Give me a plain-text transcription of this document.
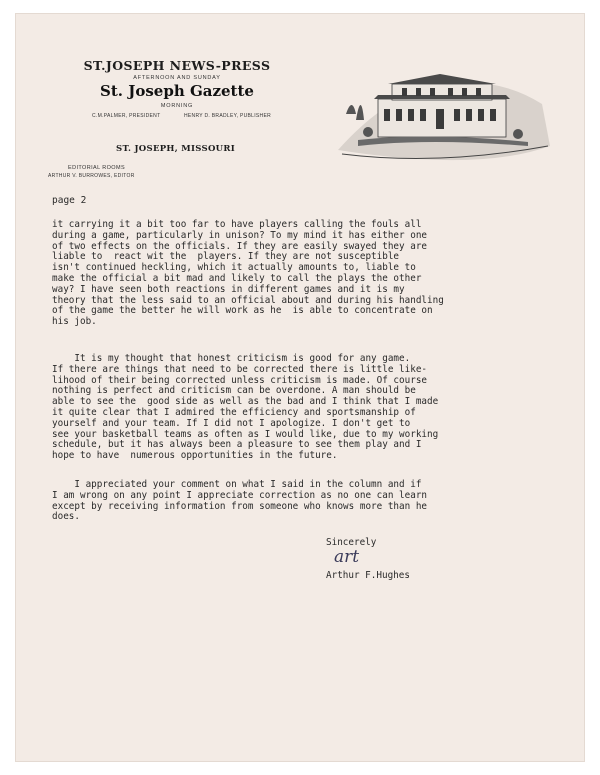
ST.JOSEPH NEWS-PRESS
AFTERNOON AND SUNDAY
St. Joseph Gazette
MORNING
C.M.PALMER, PRESIDENT	HENRY D. BRADLEY, PUBLISHER
ST. JOSEPH, MISSOURI
EDITORIAL ROOMS
ARTHUR V. BURROWES, EDITOR
page 2
it carrying it a bit too far to have players calling the fouls all
during a game, particularly in unison? To my mind it has either one
of two effects on the officials. If they are easily swayed they are
liable to  react wit the  players. If they are not susceptible
isn't continued heckling, which it actually amounts to, liable to
make the official a bit mad and likely to call the plays the other
way? I have seen both reactions in different games and it is my
theory that the less said to an official about and during his handling
of the game the better he will work as he  is able to concentrate on
his job.
It is my thought that honest criticism is good for any game.
If there are things that need to be corrected there is little like-
lihood of their being corrected unless criticism is made. Of course
nothing is perfect and criticism can be overdone. A man should be
able to see the  good side as well as the bad and I think that I made
it quite clear that I admired the efficiency and sportsmanship of
yourself and your team. If I did not I apologize. I don't get to
see your basketball teams as often as I would like, due to my working
schedule, but it has always been a pleasure to see them play and I
hope to have  numerous opportunities in the future.
I appreciated your comment on what I said in the column and if
I am wrong on any point I appreciate correction as no one can learn
except by receiving information from someone who knows more than he
does.
Sincerely
art
Arthur F.Hughes
